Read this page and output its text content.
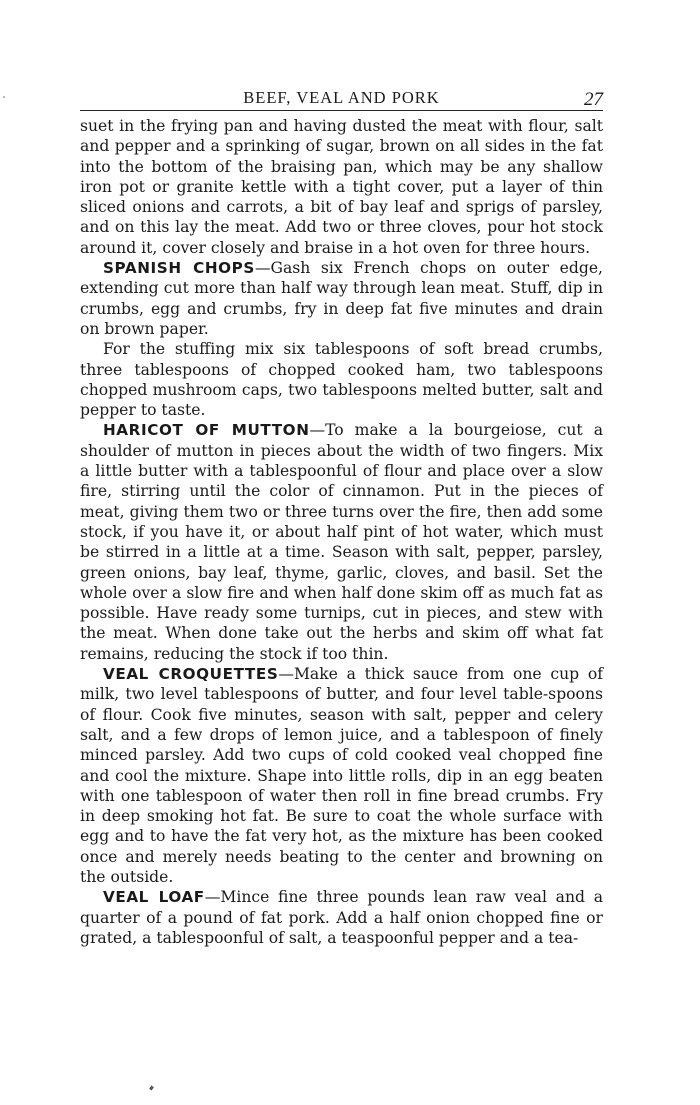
BEEF, VEAL AND PORK	27

suet in the frying pan and having dusted the meat with flour, salt and pepper and a sprinking of sugar, brown on all sides in the fat into the bottom of the braising pan, which may be any shallow iron pot or granite kettle with a tight cover, put a layer of thin sliced onions and carrots, a bit of bay leaf and sprigs of parsley, and on this lay the meat. Add two or three cloves, pour hot stock around it, cover closely and braise in a hot oven for three hours.

SPANISH CHOPS—Gash six French chops on outer edge, extending cut more than half way through lean meat. Stuff, dip in crumbs, egg and crumbs, fry in deep fat five minutes and drain on brown paper.

For the stuffing mix six tablespoons of soft bread crumbs, three tablespoons of chopped cooked ham, two tablespoons chopped mushroom caps, two tablespoons melted butter, salt and pepper to taste.

HARICOT OF MUTTON—To make a la bourgeiose, cut a shoulder of mutton in pieces about the width of two fingers. Mix a little butter with a tablespoonful of flour and place over a slow fire, stirring until the color of cinnamon. Put in the pieces of meat, giving them two or three turns over the fire, then add some stock, if you have it, or about half pint of hot water, which must be stirred in a little at a time. Season with salt, pepper, parsley, green onions, bay leaf, thyme, garlic, cloves, and basil. Set the whole over a slow fire and when half done skim off as much fat as possible. Have ready some turnips, cut in pieces, and stew with the meat. When done take out the herbs and skim off what fat remains, reducing the stock if too thin.

VEAL CROQUETTES—Make a thick sauce from one cup of milk, two level tablespoons of butter, and four level table-spoons of flour. Cook five minutes, season with salt, pepper and celery salt, and a few drops of lemon juice, and a tablespoon of finely minced parsley. Add two cups of cold cooked veal chopped fine and cool the mixture. Shape into little rolls, dip in an egg beaten with one tablespoon of water then roll in fine bread crumbs. Fry in deep smoking hot fat. Be sure to coat the whole surface with egg and to have the fat very hot, as the mixture has been cooked once and merely needs beating to the center and browning on the outside.

VEAL LOAF—Mince fine three pounds lean raw veal and a quarter of a pound of fat pork. Add a half onion chopped fine or grated, a tablespoonful of salt, a teaspoonful pepper and a tea-
